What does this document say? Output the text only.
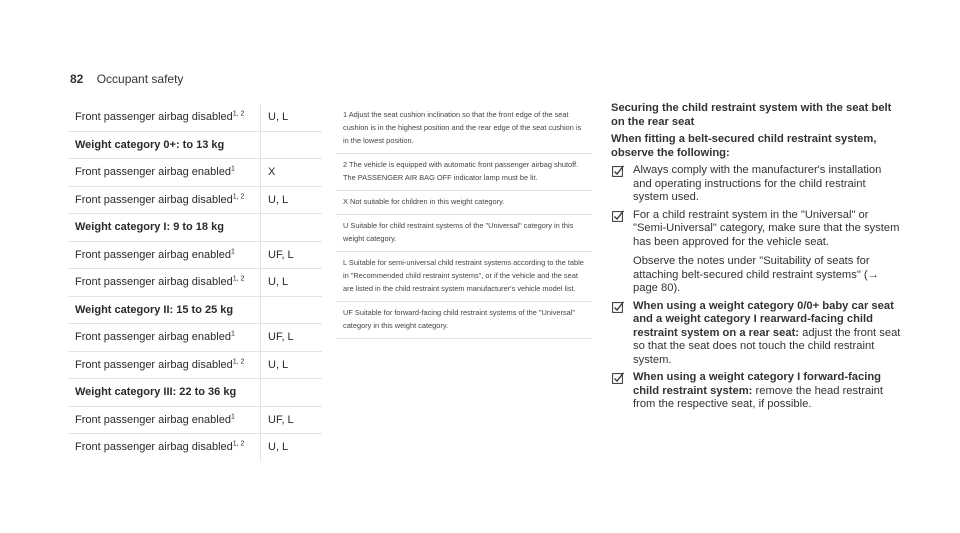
82 Occupant safety
Front passenger airbag disabled$^{1, 2}$	U, L
Weight category 0+: to 13 kg	
Front passenger airbag enabled$^1$	X
Front passenger airbag disabled$^{1, 2}$	U, L
Weight category I: 9 to 18 kg	
Front passenger airbag enabled$^1$	UF, L
Front passenger airbag disabled$^{1, 2}$	U, L
Weight category II: 15 to 25 kg	
Front passenger airbag enabled$^1$	UF, L
Front passenger airbag disabled$^{1, 2}$	U, L
Weight category III: 22 to 36 kg	
Front passenger airbag enabled$^1$	UF, L
Front passenger airbag disabled$^{1, 2}$	U, L
1 Adjust the seat cushion inclination so that the front edge of the seat cushion is in the highest position and the rear edge of the seat cushion is in the lowest position.
2 The vehicle is equipped with automatic front passenger airbag shutoff. The PASSENGER AIR BAG OFF indicator lamp must be lit.
X Not suitable for children in this weight category.
U Suitable for child restraint systems of the "Universal" category in this weight category.
L Suitable for semi-universal child restraint systems according to the table in "Recommended child restraint systems", or if the vehicle and the seat are listed in the child restraint system manufacturer's vehicle model list.
UF Suitable for forward-facing child restraint systems of the "Universal" category in this weight category.

Securing the child restraint system with the seat belt on the rear seat

When fitting a belt-secured child restraint system, observe the following:

Always comply with the manufacturer's installation and operating instructions for the child restraint system used.

For a child restraint system in the "Universal" or "Semi-Universal" category, make sure that the system has been approved for the vehicle seat.

Observe the notes under "Suitability of seats for attaching belt-secured child restraint systems" (→ page 80).

When using a weight category 0/0+ baby car seat and a weight category I rearward-facing child restraint system on a rear seat: adjust the front seat so that the seat does not touch the child restraint system.

When using a weight category I forward-facing child restraint system: remove the head restraint from the respective seat, if possible.
